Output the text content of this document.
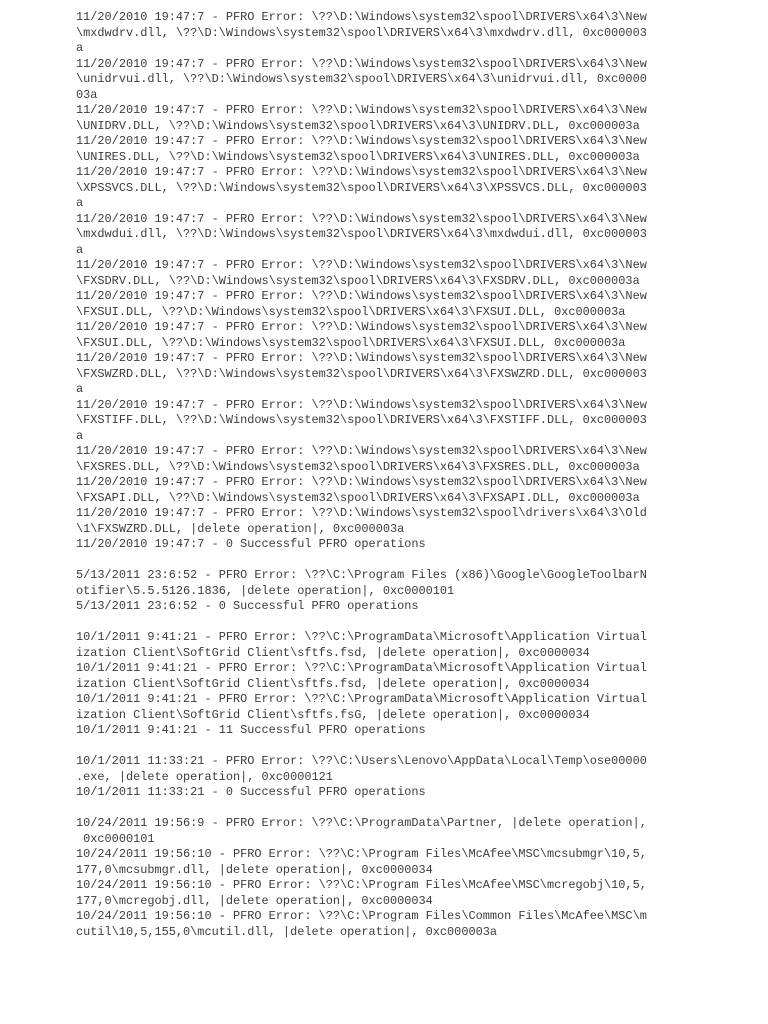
11/20/2010 19:47:7 - PFRO Error: \??\D:\Windows\system32\spool\DRIVERS\x64\3\New
\mxdwdrv.dll, \??\D:\Windows\system32\spool\DRIVERS\x64\3\mxdwdrv.dll, 0xc000003
a
11/20/2010 19:47:7 - PFRO Error: \??\D:\Windows\system32\spool\DRIVERS\x64\3\New
\unidrvui.dll, \??\D:\Windows\system32\spool\DRIVERS\x64\3\unidrvui.dll, 0xc0000
03a
11/20/2010 19:47:7 - PFRO Error: \??\D:\Windows\system32\spool\DRIVERS\x64\3\New
\UNIDRV.DLL, \??\D:\Windows\system32\spool\DRIVERS\x64\3\UNIDRV.DLL, 0xc000003a
11/20/2010 19:47:7 - PFRO Error: \??\D:\Windows\system32\spool\DRIVERS\x64\3\New
\UNIRES.DLL, \??\D:\Windows\system32\spool\DRIVERS\x64\3\UNIRES.DLL, 0xc000003a
11/20/2010 19:47:7 - PFRO Error: \??\D:\Windows\system32\spool\DRIVERS\x64\3\New
\XPSSVCS.DLL, \??\D:\Windows\system32\spool\DRIVERS\x64\3\XPSSVCS.DLL, 0xc000003
a
11/20/2010 19:47:7 - PFRO Error: \??\D:\Windows\system32\spool\DRIVERS\x64\3\New
\mxdwdui.dll, \??\D:\Windows\system32\spool\DRIVERS\x64\3\mxdwdui.dll, 0xc000003
a
11/20/2010 19:47:7 - PFRO Error: \??\D:\Windows\system32\spool\DRIVERS\x64\3\New
\FXSDRV.DLL, \??\D:\Windows\system32\spool\DRIVERS\x64\3\FXSDRV.DLL, 0xc000003a
11/20/2010 19:47:7 - PFRO Error: \??\D:\Windows\system32\spool\DRIVERS\x64\3\New
\FXSUI.DLL, \??\D:\Windows\system32\spool\DRIVERS\x64\3\FXSUI.DLL, 0xc000003a
11/20/2010 19:47:7 - PFRO Error: \??\D:\Windows\system32\spool\DRIVERS\x64\3\New
\FXSUI.DLL, \??\D:\Windows\system32\spool\DRIVERS\x64\3\FXSUI.DLL, 0xc000003a
11/20/2010 19:47:7 - PFRO Error: \??\D:\Windows\system32\spool\DRIVERS\x64\3\New
\FXSWZRD.DLL, \??\D:\Windows\system32\spool\DRIVERS\x64\3\FXSWZRD.DLL, 0xc000003
a
11/20/2010 19:47:7 - PFRO Error: \??\D:\Windows\system32\spool\DRIVERS\x64\3\New
\FXSTIFF.DLL, \??\D:\Windows\system32\spool\DRIVERS\x64\3\FXSTIFF.DLL, 0xc000003
a
11/20/2010 19:47:7 - PFRO Error: \??\D:\Windows\system32\spool\DRIVERS\x64\3\New
\FXSRES.DLL, \??\D:\Windows\system32\spool\DRIVERS\x64\3\FXSRES.DLL, 0xc000003a
11/20/2010 19:47:7 - PFRO Error: \??\D:\Windows\system32\spool\DRIVERS\x64\3\New
\FXSAPI.DLL, \??\D:\Windows\system32\spool\DRIVERS\x64\3\FXSAPI.DLL, 0xc000003a
11/20/2010 19:47:7 - PFRO Error: \??\D:\Windows\system32\spool\drivers\x64\3\Old
\1\FXSWZRD.DLL, |delete operation|, 0xc000003a
11/20/2010 19:47:7 - 0 Successful PFRO operations
5/13/2011 23:6:52 - PFRO Error: \??\C:\Program Files (x86)\Google\GoogleToolbarN
otifier\5.5.5126.1836, |delete operation|, 0xc0000101
5/13/2011 23:6:52 - 0 Successful PFRO operations
10/1/2011 9:41:21 - PFRO Error: \??\C:\ProgramData\Microsoft\Application Virtual
ization Client\SoftGrid Client\sftfs.fsd, |delete operation|, 0xc0000034
10/1/2011 9:41:21 - PFRO Error: \??\C:\ProgramData\Microsoft\Application Virtual
ization Client\SoftGrid Client\sftfs.fsd, |delete operation|, 0xc0000034
10/1/2011 9:41:21 - PFRO Error: \??\C:\ProgramData\Microsoft\Application Virtual
ization Client\SoftGrid Client\sftfs.fsG, |delete operation|, 0xc0000034
10/1/2011 9:41:21 - 11 Successful PFRO operations
10/1/2011 11:33:21 - PFRO Error: \??\C:\Users\Lenovo\AppData\Local\Temp\ose00000
.exe, |delete operation|, 0xc0000121
10/1/2011 11:33:21 - 0 Successful PFRO operations
10/24/2011 19:56:9 - PFRO Error: \??\C:\ProgramData\Partner, |delete operation|,
0xc0000101
10/24/2011 19:56:10 - PFRO Error: \??\C:\Program Files\McAfee\MSC\mcsubmgr\10,5,
177,0\mcsubmgr.dll, |delete operation|, 0xc0000034
10/24/2011 19:56:10 - PFRO Error: \??\C:\Program Files\McAfee\MSC\mcregobj\10,5,
177,0\mcregobj.dll, |delete operation|, 0xc0000034
10/24/2011 19:56:10 - PFRO Error: \??\C:\Program Files\Common Files\McAfee\MSC\m
cutil\10,5,155,0\mcutil.dll, |delete operation|, 0xc000003a
